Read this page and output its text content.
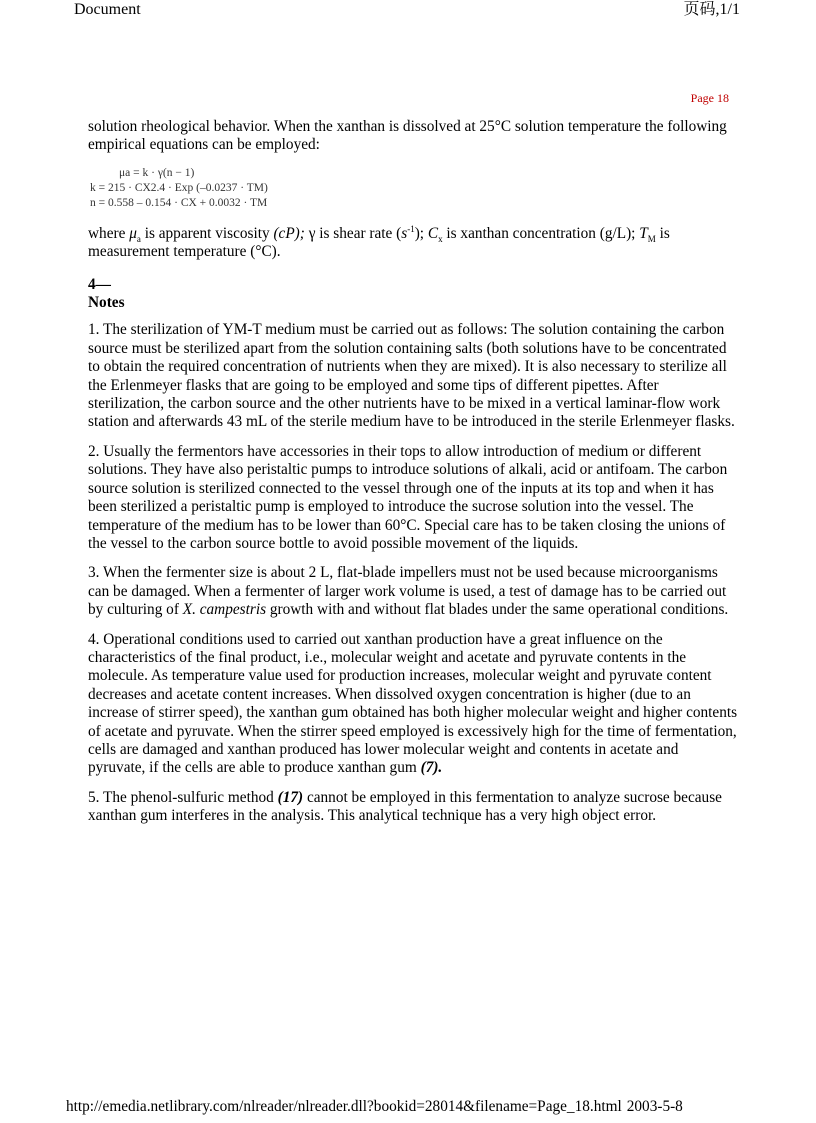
Document	页码,1/1
Page 18

solution rheological behavior. When the xanthan is dissolved at 25°C solution temperature the following empirical equations can be employed:

μa = k · γ(n − 1)
k = 215 · CX2.4 · Exp (–0.0237 · TM)
n = 0.558 – 0.154 · CX + 0.0032 · TM

where $\mu_a$ is apparent viscosity (cP); γ is shear rate $(s^{-1})$; $C_x$ is xanthan concentration (g/L); $T_M$ is measurement temperature (°C).

4—
Notes

1. The sterilization of YM-T medium must be carried out as follows: The solution containing the carbon source must be sterilized apart from the solution containing salts (both solutions have to be concentrated to obtain the required concentration of nutrients when they are mixed). It is also necessary to sterilize all the Erlenmeyer flasks that are going to be employed and some tips of different pipettes. After sterilization, the carbon source and the other nutrients have to be mixed in a vertical laminar-flow work station and afterwards 43 mL of the sterile medium have to be introduced in the sterile Erlenmeyer flasks.

2. Usually the fermentors have accessories in their tops to allow introduction of medium or different solutions. They have also peristaltic pumps to introduce solutions of alkali, acid or antifoam. The carbon source solution is sterilized connected to the vessel through one of the inputs at its top and when it has been sterilized a peristaltic pump is employed to introduce the sucrose solution into the vessel. The temperature of the medium has to be lower than 60°C. Special care has to be taken closing the unions of the vessel to the carbon source bottle to avoid possible movement of the liquids.

3. When the fermenter size is about 2 L, flat-blade impellers must not be used because microorganisms can be damaged. When a fermenter of larger work volume is used, a test of damage has to be carried out by culturing of X. campestris growth with and without flat blades under the same operational conditions.

4. Operational conditions used to carried out xanthan production have a great influence on the characteristics of the final product, i.e., molecular weight and acetate and pyruvate contents in the molecule. As temperature value used for production increases, molecular weight and pyruvate content decreases and acetate content increases. When dissolved oxygen concentration is higher (due to an increase of stirrer speed), the xanthan gum obtained has both higher molecular weight and higher contents of acetate and pyruvate. When the stirrer speed employed is excessively high for the time of fermentation, cells are damaged and xanthan produced has lower molecular weight and contents in acetate and pyruvate, if the cells are able to produce xanthan gum (7).

5. The phenol-sulfuric method (17) cannot be employed in this fermentation to analyze sucrose because xanthan gum interferes in the analysis. This analytical technique has a very high object error.

http://emedia.netlibrary.com/nlreader/nlreader.dll?bookid=28014&filename=Page_18.html 2003-5-8
